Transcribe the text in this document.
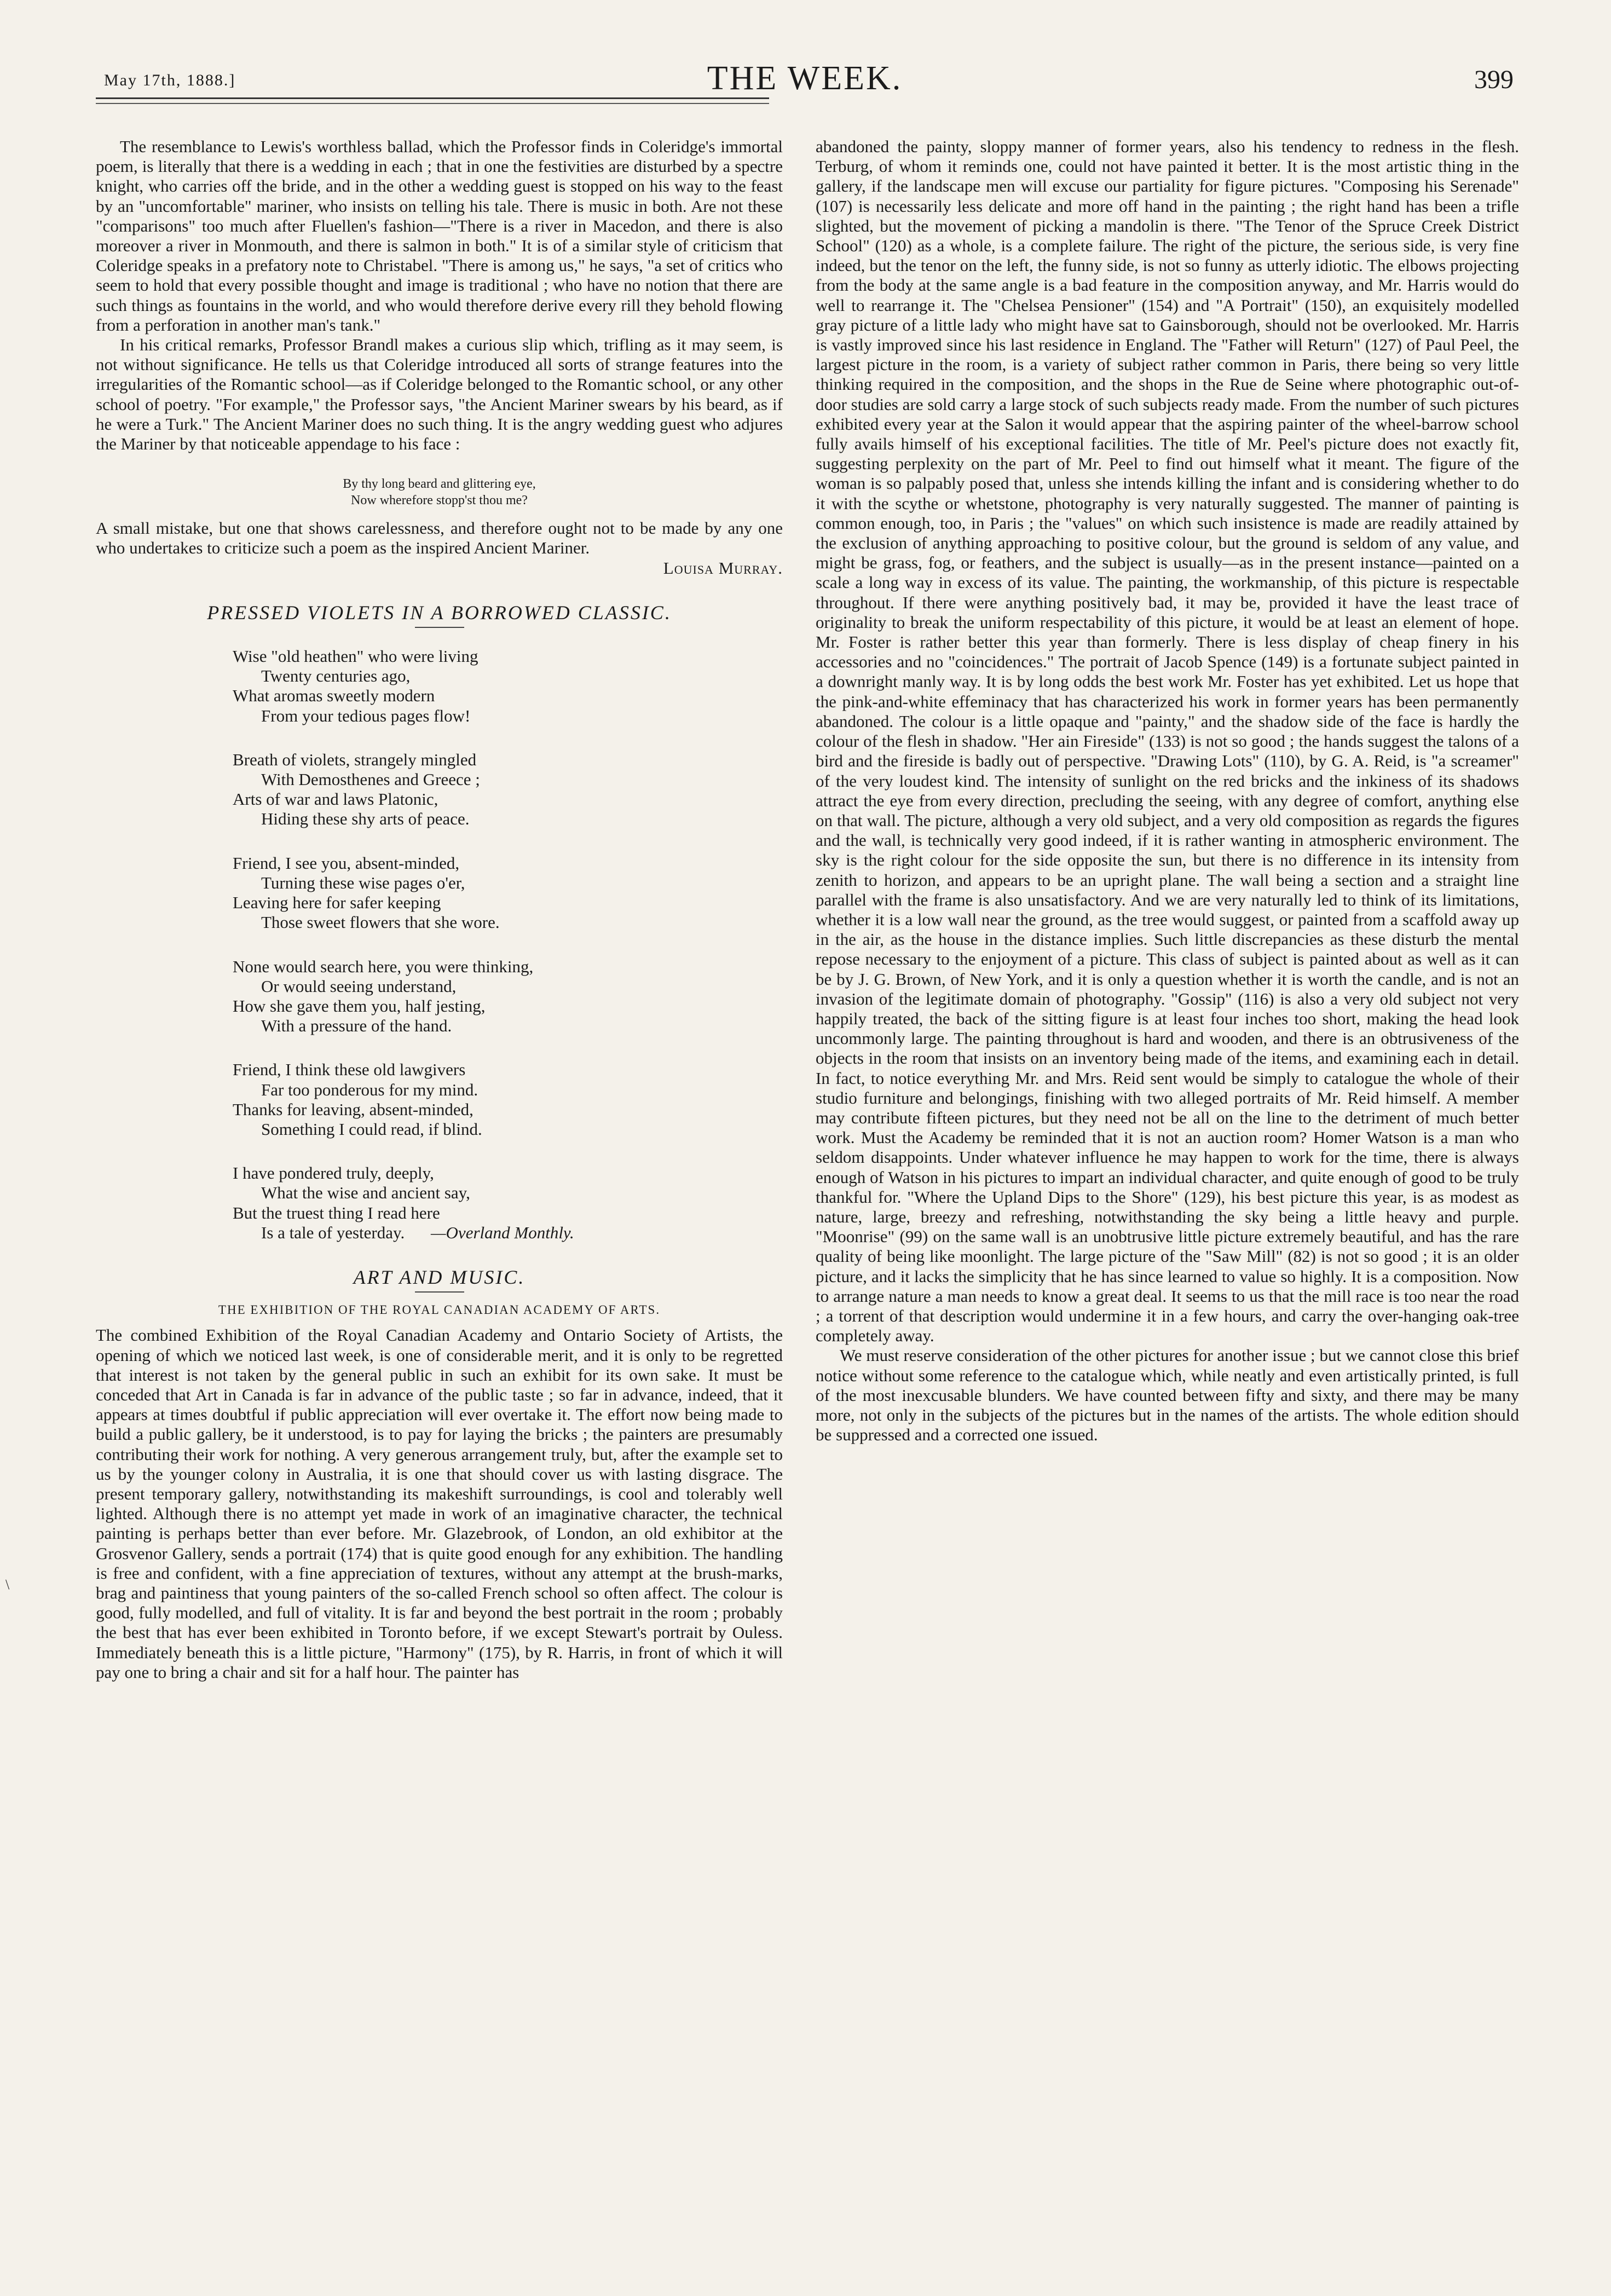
May 17th, 1888.]	THE WEEK.	399
\

The resemblance to Lewis's worthless ballad, which the Professor finds in Coleridge's immortal poem, is literally that there is a wedding in each ; that in one the festivities are disturbed by a spectre knight, who carries off the bride, and in the other a wedding guest is stopped on his way to the feast by an "uncomfortable" mariner, who insists on telling his tale. There is music in both. Are not these "comparisons" too much after Fluellen's fashion—"There is a river in Macedon, and there is also moreover a river in Monmouth, and there is salmon in both." It is of a similar style of criticism that Coleridge speaks in a prefatory note to Christabel. "There is among us," he says, "a set of critics who seem to hold that every possible thought and image is traditional ; who have no notion that there are such things as fountains in the world, and who would therefore derive every rill they behold flowing from a perforation in another man's tank."

In his critical remarks, Professor Brandl makes a curious slip which, trifling as it may seem, is not without significance. He tells us that Coleridge introduced all sorts of strange features into the irregularities of the Romantic school—as if Coleridge belonged to the Romantic school, or any other school of poetry. "For example," the Professor says, "the Ancient Mariner swears by his beard, as if he were a Turk." The Ancient Mariner does no such thing. It is the angry wedding guest who adjures the Mariner by that noticeable appendage to his face :

By thy long beard and glittering eye,
Now wherefore stopp'st thou me?

A small mistake, but one that shows carelessness, and therefore ought not to be made by any one who undertakes to criticize such a poem as the inspired Ancient Mariner.
Louisa Murray.

PRESSED VIOLETS IN A BORROWED CLASSIC.
Wise "old heathen" who were living
Twenty centuries ago,
What aromas sweetly modern
From your tedious pages flow!
Breath of violets, strangely mingled
With Demosthenes and Greece ;
Arts of war and laws Platonic,
Hiding these shy arts of peace.
Friend, I see you, absent-minded,
Turning these wise pages o'er,
Leaving here for safer keeping
Those sweet flowers that she wore.
None would search here, you were thinking,
Or would seeing understand,
How she gave them you, half jesting,
With a pressure of the hand.
Friend, I think these old lawgivers
Far too ponderous for my mind.
Thanks for leaving, absent-minded,
Something I could read, if blind.
I have pondered truly, deeply,
What the wise and ancient say,
But the truest thing I read here
Is a tale of yesterday. —Overland Monthly.
ART AND MUSIC.
THE EXHIBITION OF THE ROYAL CANADIAN ACADEMY OF ARTS.

The combined Exhibition of the Royal Canadian Academy and Ontario Society of Artists, the opening of which we noticed last week, is one of considerable merit, and it is only to be regretted that interest is not taken by the general public in such an exhibit for its own sake. It must be conceded that Art in Canada is far in advance of the public taste ; so far in advance, indeed, that it appears at times doubtful if public appreciation will ever overtake it. The effort now being made to build a public gallery, be it understood, is to pay for laying the bricks ; the painters are presumably contributing their work for nothing. A very generous arrangement truly, but, after the example set to us by the younger colony in Australia, it is one that should cover us with lasting disgrace. The present temporary gallery, notwithstanding its makeshift surroundings, is cool and tolerably well lighted. Although there is no attempt yet made in work of an imaginative character, the technical painting is perhaps better than ever before. Mr. Glazebrook, of London, an old exhibitor at the Grosvenor Gallery, sends a portrait (174) that is quite good enough for any exhibition. The handling is free and confident, with a fine appreciation of textures, without any attempt at the brush-marks, brag and paintiness that young painters of the so-called French school so often affect. The colour is good, fully modelled, and full of vitality. It is far and beyond the best portrait in the room ; probably the best that has ever been exhibited in Toronto before, if we except Stewart's portrait by Ouless. Immediately beneath this is a little picture, "Harmony" (175), by R. Harris, in front of which it will pay one to bring a chair and sit for a half hour. The painter has

abandoned the painty, sloppy manner of former years, also his tendency to redness in the flesh. Terburg, of whom it reminds one, could not have painted it better. It is the most artistic thing in the gallery, if the landscape men will excuse our partiality for figure pictures. "Composing his Serenade" (107) is necessarily less delicate and more off hand in the painting ; the right hand has been a trifle slighted, but the movement of picking a mandolin is there. "The Tenor of the Spruce Creek District School" (120) as a whole, is a complete failure. The right of the picture, the serious side, is very fine indeed, but the tenor on the left, the funny side, is not so funny as utterly idiotic. The elbows projecting from the body at the same angle is a bad feature in the composition anyway, and Mr. Harris would do well to rearrange it. The "Chelsea Pensioner" (154) and "A Portrait" (150), an exquisitely modelled gray picture of a little lady who might have sat to Gainsborough, should not be overlooked. Mr. Harris is vastly improved since his last residence in England. The "Father will Return" (127) of Paul Peel, the largest picture in the room, is a variety of subject rather common in Paris, there being so very little thinking required in the composition, and the shops in the Rue de Seine where photographic out-of-door studies are sold carry a large stock of such subjects ready made. From the number of such pictures exhibited every year at the Salon it would appear that the aspiring painter of the wheel-barrow school fully avails himself of his exceptional facilities. The title of Mr. Peel's picture does not exactly fit, suggesting perplexity on the part of Mr. Peel to find out himself what it meant. The figure of the woman is so palpably posed that, unless she intends killing the infant and is considering whether to do it with the scythe or whetstone, photography is very naturally suggested. The manner of painting is common enough, too, in Paris ; the "values" on which such insistence is made are readily attained by the exclusion of anything approaching to positive colour, but the ground is seldom of any value, and might be grass, fog, or feathers, and the subject is usually—as in the present instance—painted on a scale a long way in excess of its value. The painting, the workmanship, of this picture is respectable throughout. If there were anything positively bad, it may be, provided it have the least trace of originality to break the uniform respectability of this picture, it would be at least an element of hope. Mr. Foster is rather better this year than formerly. There is less display of cheap finery in his accessories and no "coincidences." The portrait of Jacob Spence (149) is a fortunate subject painted in a downright manly way. It is by long odds the best work Mr. Foster has yet exhibited. Let us hope that the pink-and-white effeminacy that has characterized his work in former years has been permanently abandoned. The colour is a little opaque and "painty," and the shadow side of the face is hardly the colour of the flesh in shadow. "Her ain Fireside" (133) is not so good ; the hands suggest the talons of a bird and the fireside is badly out of perspective. "Drawing Lots" (110), by G. A. Reid, is "a screamer" of the very loudest kind. The intensity of sunlight on the red bricks and the inkiness of its shadows attract the eye from every direction, precluding the seeing, with any degree of comfort, anything else on that wall. The picture, although a very old subject, and a very old composition as regards the figures and the wall, is technically very good indeed, if it is rather wanting in atmospheric environment. The sky is the right colour for the side opposite the sun, but there is no difference in its intensity from zenith to horizon, and appears to be an upright plane. The wall being a section and a straight line parallel with the frame is also unsatisfactory. And we are very naturally led to think of its limitations, whether it is a low wall near the ground, as the tree would suggest, or painted from a scaffold away up in the air, as the house in the distance implies. Such little discrepancies as these disturb the mental repose necessary to the enjoyment of a picture. This class of subject is painted about as well as it can be by J. G. Brown, of New York, and it is only a question whether it is worth the candle, and is not an invasion of the legitimate domain of photography. "Gossip" (116) is also a very old subject not very happily treated, the back of the sitting figure is at least four inches too short, making the head look uncommonly large. The painting throughout is hard and wooden, and there is an obtrusiveness of the objects in the room that insists on an inventory being made of the items, and examining each in detail. In fact, to notice everything Mr. and Mrs. Reid sent would be simply to catalogue the whole of their studio furniture and belongings, finishing with two alleged portraits of Mr. Reid himself. A member may contribute fifteen pictures, but they need not be all on the line to the detriment of much better work. Must the Academy be reminded that it is not an auction room? Homer Watson is a man who seldom disappoints. Under whatever influence he may happen to work for the time, there is always enough of Watson in his pictures to impart an individual character, and quite enough of good to be truly thankful for. "Where the Upland Dips to the Shore" (129), his best picture this year, is as modest as nature, large, breezy and refreshing, notwithstanding the sky being a little heavy and purple. "Moonrise" (99) on the same wall is an unobtrusive little picture extremely beautiful, and has the rare quality of being like moonlight. The large picture of the "Saw Mill" (82) is not so good ; it is an older picture, and it lacks the simplicity that he has since learned to value so highly. It is a composition. Now to arrange nature a man needs to know a great deal. It seems to us that the mill race is too near the road ; a torrent of that description would undermine it in a few hours, and carry the over-hanging oak-tree completely away.

We must reserve consideration of the other pictures for another issue ; but we cannot close this brief notice without some reference to the catalogue which, while neatly and even artistically printed, is full of the most inexcusable blunders. We have counted between fifty and sixty, and there may be many more, not only in the subjects of the pictures but in the names of the artists. The whole edition should be suppressed and a corrected one issued.
